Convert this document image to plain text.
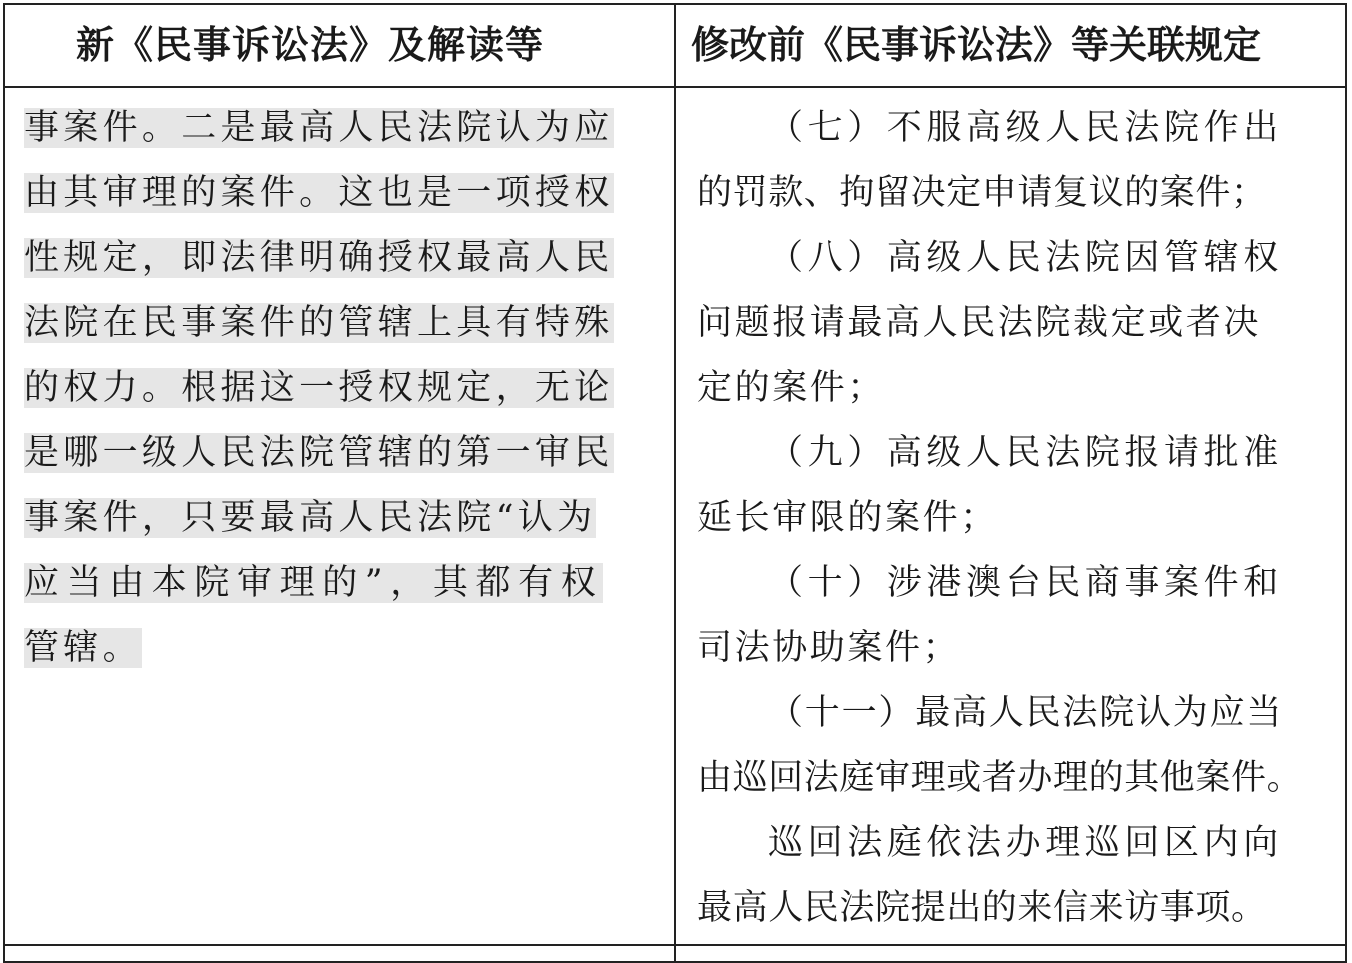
新《民事诉讼法》及解读等	修改前《民事诉讼法》等关联规定
事案件。二是最高人民法院认为应
由其审理的案件。这也是一项授权
性规定，即法律明确授权最高人民
法院在民事案件的管辖上具有特殊
的权力。根据这一授权规定，无论
是哪一级人民法院管辖的第一审民
事案件，只要最高人民法院“认为
应当由本院审理的”，其都有权
管辖。
（七）不服高级人民法院作出
的罚款、拘留决定申请复议的案件；
（八）高级人民法院因管辖权
问题报请最高人民法院裁定或者决
定的案件；
（九）高级人民法院报请批准
延长审限的案件；
（十）涉港澳台民商事案件和
司法协助案件；
（十一）最高人民法院认为应当
由巡回法庭审理或者办理的其他案件。
巡回法庭依法办理巡回区内向
最高人民法院提出的来信来访事项。
